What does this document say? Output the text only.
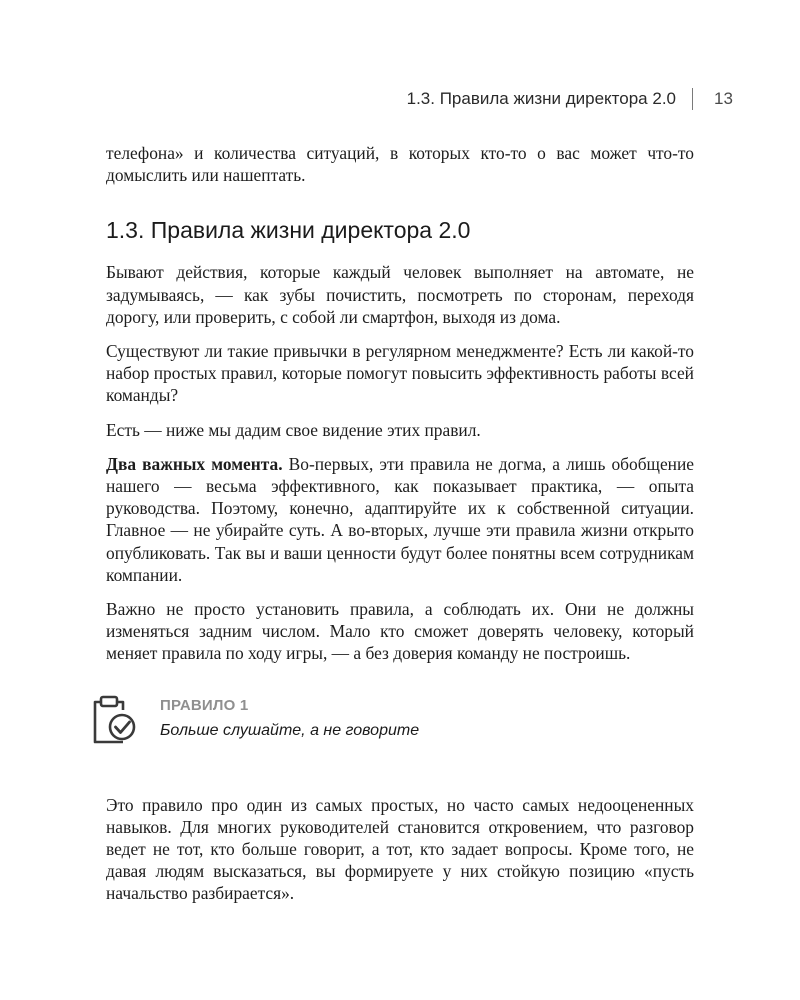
1.3. Правила жизни директора 2.0 13

телефона» и количества ситуаций, в которых кто-то о вас может что-то домыслить или нашептать.

1.3. Правила жизни директора 2.0

Бывают действия, которые каждый человек выполняет на автомате, не задумываясь, — как зубы почистить, посмотреть по сторонам, переходя дорогу, или проверить, с собой ли смартфон, выходя из дома.

Существуют ли такие привычки в регулярном менеджменте? Есть ли какой-то набор простых правил, которые помогут повысить эффективность работы всей команды?

Есть — ниже мы дадим свое видение этих правил.

Два важных момента. Во-первых, эти правила не догма, а лишь обобщение нашего — весьма эффективного, как показывает практика, — опыта руководства. Поэтому, конечно, адаптируйте их к собственной ситуации. Главное — не убирайте суть. А во-вторых, лучше эти правила жизни открыто опубликовать. Так вы и ваши ценности будут более понятны всем сотрудникам компании.

Важно не просто установить правила, а соблюдать их. Они не должны изменяться задним числом. Мало кто сможет доверять человеку, который меняет правила по ходу игры, — а без доверия команду не построишь.

ПРАВИЛО 1
Больше слушайте, а не говорите

Это правило про один из самых простых, но часто самых недооцененных навыков. Для многих руководителей становится откровением, что разговор ведет не тот, кто больше говорит, а тот, кто задает вопросы. Кроме того, не давая людям высказаться, вы формируете у них стойкую позицию «пусть начальство разбирается».
